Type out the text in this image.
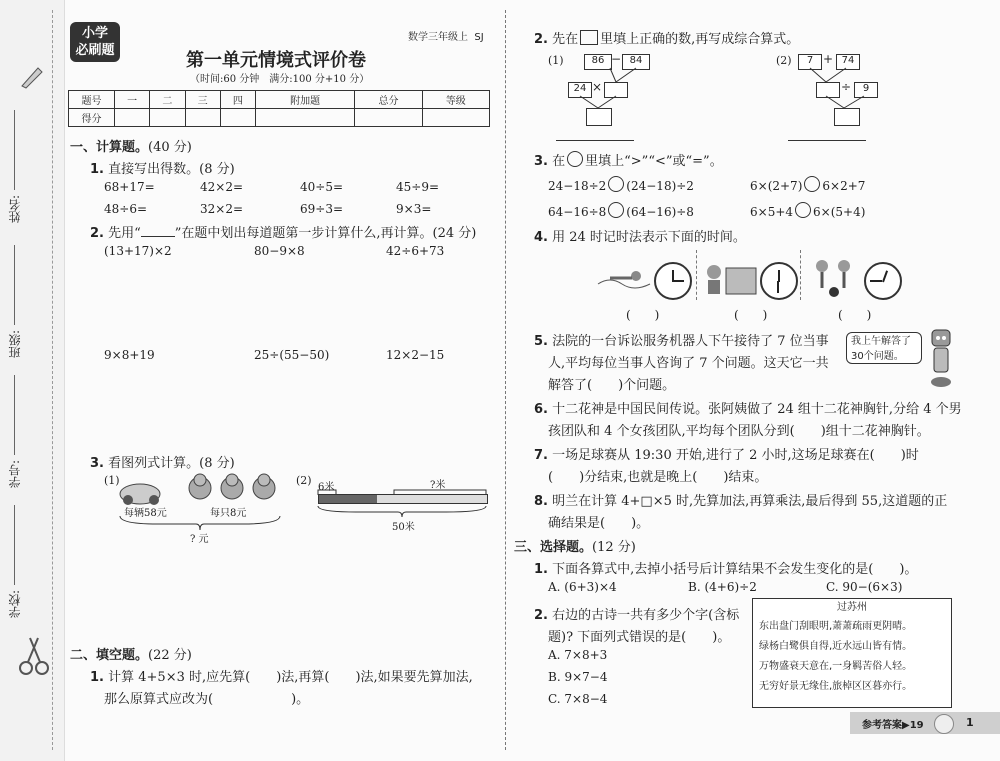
姓名:
班级:
学号:
学校:
小学
必刷题
数学三年级上 SJ
第一单元情境式评价卷
（时间:60 分钟　满分:100 分+10 分）
题号	一	二	三	四	附加题	总分	等级
得分							
一、计算题。(40 分)
1. 直接写出得数。(8 分)
68+17=	42×2=	40÷5=	45÷9=
48÷6=	32×2=	69÷3=	9×3=
2. 先用“	”在题中划出每道题第一步计算什么,再计算。(24 分)
(13+17)×2	80−9×8	42÷6+73
9×8+19	25÷(55−50)	12×2−15
3. 看图列式计算。(8 分)
(1)
每辆58元	每只8元
? 元
(2)
6米	?米
50米
二、填空题。(22 分)
1. 计算 4+5×3 时,应先算(　　)法,再算(　　)法,如果要先算加法,
那么原算式应改为(　　　　　　)。
2. 先在 里填上正确的数,再写成综合算式。
(1)	86 − 84
24 ×
(2)	7 + 74
÷	9
3. 在 里填上“>”“<”或“=”。
24−18÷2 (24−18)÷2	6×(2+7) 6×2+7
64−16÷8 (64−16)÷8	6×5+4 6×(5+4)
4. 用 24 时记时法表示下面的时间。
(　　)	(　　)	(　　)
5. 法院的一台诉讼服务机器人下午接待了 7 位当事
人,平均每位当事人咨询了 7 个问题。这天它一共
解答了(　　)个问题。
我上午解答了
30个问题。
6. 十二花神是中国民间传说。张阿姨做了 24 组十二花神胸针,分给 4 个男
孩团队和 4 个女孩团队,平均每个团队分到(　　)组十二花神胸针。
7. 一场足球赛从 19:30 开始,进行了 2 小时,这场足球赛在(　　)时
(　　)分结束,也就是晚上(　　)结束。
8. 明兰在计算 4+□×5 时,先算加法,再算乘法,最后得到 55,这道题的正
确结果是(　　)。
三、选择题。(12 分)
1. 下面各算式中,去掉小括号后计算结果不会发生变化的是(　　)。
A. (6+3)×4	B. (4+6)÷2	C. 90−(6×3)
2. 右边的古诗一共有多少个字(含标
题)? 下面列式错误的是(　　)。
A. 7×8+3
B. 9×7−4
C. 7×8−4
过苏州
东出盘门刮眼明,萧萧疏雨更阴晴。
绿杨白鹭俱自得,近水远山皆有情。
万物盛衰天意在,一身羁苦俗人轻。
无穷好景无缘住,旅棹区区暮亦行。
参考答案▶19	1
